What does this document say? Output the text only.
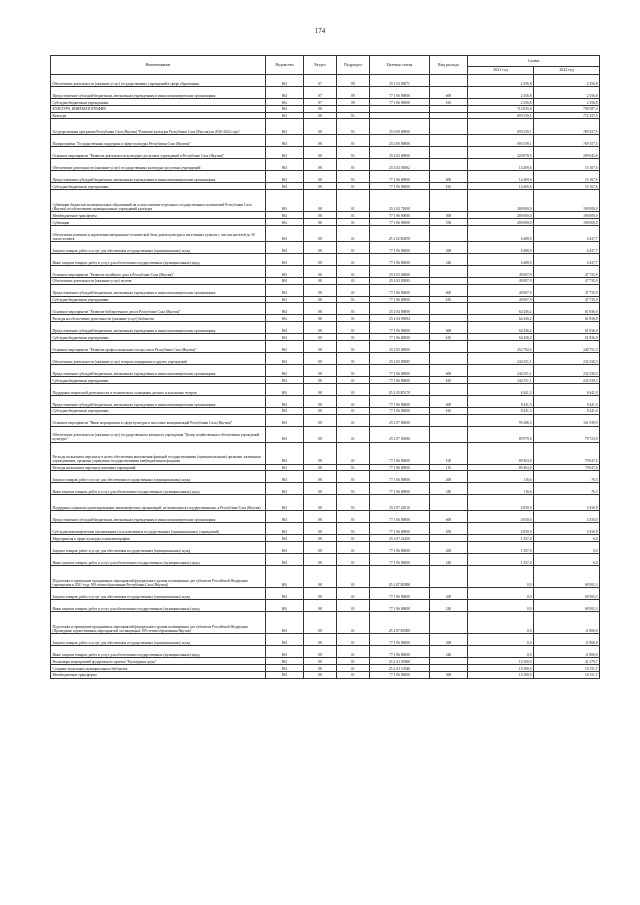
174
Наименование	Ведомство	Раздел	Подраздел	Целевая статья	Вид расхода	Сумма	
						2021 год	2022 год
Обеспечение деятельности (оказание услуг) государственных учреждений в сфере образования	861	07	09	25 1 02 05071		2 356,8	2 356,8
Предоставление субсидий бюджетным, автономным учреждениям и иным некоммерческим организациям	861	07	09	77 1 06 00000	600	2 356,8	2 356,8
Субсидии бюджетным учреждениям	861	07	09	77 1 06 00000	610	2 356,8	2 356,8
КУЛЬТУРА, КИНЕМАТОГРАФИЯ	861	08				712 835,6	790 587,0
Культура	861	08	01			693 539,1	772 357,5
Государственная программа Республики Саха (Якутия) "Развитие культуры Республики Саха (Якутия) на 2016-2022 годы"	861	08	01	25 0 00 00000		693 539,1	769 357,5
Подпрограмма "Государственная поддержка в сфере культуры Республики Саха (Якутия)"	861	08	01	25 2 00 00000		693 539,1	769 357,5
Основное мероприятие "Развитие деятельности культурно-досуговых учреждений в Республике Саха (Якутия)"	861	08	01	25 2 02 00000		220 878,5	209 645,8
Обеспечение деятельности (оказание услуг) государственных культурно-досуговых учреждений	861	08	01	25 2 02 05082		14 469,6	15 167,6
Предоставление субсидий бюджетным, автономным учреждениям и иным некоммерческим организациям	861	08	01	77 1 06 00000	600	14 469,6	15 167,6
Субсидии бюджетным учреждениям	861	08	01	77 1 06 00000	610	14 469,6	15 167,6
Субвенции бюджетам муниципальных образований на осуществление отдельных государственных полномочий Республики Саха (Якутия) по обеспечению муниципальных учреждений культуры	861	08	01	25 2 02 72000		200 000,0	190 000,0
Межбюджетные трансферты	861	08	01	77 1 06 00000	500	200 000,0	190 000,0
Субвенции	861	08	01	77 1 06 00000	530	200 000,0	190 000,0
Обеспечение развития и укрепления материально-технической базы домов культуры в населенных пунктах с числом жителей до 50 тысяч человек	861	08	01	25 2 02 R4670		6 408,9	6 437,7
Закупка товаров, работ и услуг для обеспечения государственных (муниципальных) нужд	861	08	01	77 1 06 00000	200	6 408,9	6 437,7
Иные закупки товаров, работ и услуг для обеспечения государственных (муниципальных) нужд	861	08	01	77 1 06 00000	240	6 408,9	6 437,7
Основное мероприятие "Развитие музейного дела в Республике Саха (Якутия)"	861	08	01	25 2 03 00000		49 007,9	47 735,9
Обеспечение деятельности (оказание услуг) музеев	861	08	01	25 2 03 05083		49 007,9	47 735,9
Предоставление субсидий бюджетным, автономным учреждениям и иным некоммерческим организациям	861	08	01	77 1 06 00000	600	49 007,9	47 735,9
Субсидии бюджетным учреждениям	861	08	01	77 1 06 00000	610	49 007,9	47 735,9
Основное мероприятие "Развитие библиотечного дела в Республике Саха (Якутия)"	861	08	01	25 2 04 00000		64 436,2	61 836,0
Расходы на обеспечение деятельности (оказание услуг) библиотек	861	08	01	25 2 04 05084		64 436,2	61 836,0
Предоставление субсидий бюджетным, автономным учреждениям и иным некоммерческим организациям	861	08	01	77 1 06 00000	600	64 436,2	61 836,0
Субсидии бюджетным учреждениям	861	08	01	77 1 06 00000	610	64 436,2	61 836,0
Основное мероприятие "Развитие профессионального искусства в Республике Саха (Якутия)"	861	08	01	25 2 05 00000		252 792,4	240 751,3
Обеспечение деятельности (оказание услуг) театров, концертных и других учреждений	861	08	01	25 2 05 05085		244 351,1	232 330,3
Предоставление субсидий бюджетным, автономным учреждениям и иным некоммерческим организациям	861	08	01	77 1 06 00000	600	244 351,1	232 330,3
Субсидии бюджетным учреждениям	861	08	01	77 1 06 00000	610	244 351,1	232 330,3
Поддержка творческой деятельности и технического оснащения детских и кукольных театров	861	08	01	25 2 05 R5170		8 441,3	8 441,0
Предоставление субсидий бюджетным, автономным учреждениям и иным некоммерческим организациям	861	08	01	77 1 06 00000	600	8 441,3	8 441,0
Субсидии бюджетным учреждениям	861	08	01	77 1 06 00000	610	8 441,3	8 441,0
Основное мероприятие "Иные мероприятия в сфере культуры и массовых коммуникаций Республики Саха (Якутия)"	861	08	01	25 2 07 00000		95 386,3	161 939,9
Обеспечение деятельности (оказание услуг) государственного казенного учреждения "Центр хозяйственного обеспечения учреждений культуры"	861	08	01	25 2 07 05086		89 979,6	79 723,9
Расходы на выплаты персоналу в целях обеспечения выполнения функций государственными (муниципальными) органами, казенными учреждениями, органами управления государственными внебюджетными фондами	861	08	01	77 1 06 00000	100	89 463,0	79 647,6
Расходы на выплаты персоналу казенных учреждений	861	08	01	77 1 06 00000	110	89 463,0	79 647,6
Закупка товаров, работ и услуг для обеспечения государственных (муниципальных) нужд	861	08	01	77 1 06 00000	200	116,6	76,3
Иные закупки товаров, работ и услуг для обеспечения государственных (муниципальных) нужд	861	08	01	77 1 06 00000	240	116,6	76,3
Поддержка социально ориентированных некоммерческих организаций, не являющихся государственными, в Республике Саха (Якутия)	861	08	01	25 2 07 22010		4 050,0	4 350,0
Предоставление субсидий бюджетным, автономным учреждениям и иным некоммерческим организациям	861	08	01	77 1 06 00000	600	4 050,0	4 350,0
Субсидии некоммерческим организациям (за исключением государственных (муниципальных) учреждений)	861	08	01	77 1 06 00000	630	4 050,0	4 350,0
Мероприятия в сфере культуры и кинематографии	861	08	01	25 2 07 22450		1 357,0	0,0
Закупка товаров, работ и услуг для обеспечения государственных (муниципальных) нужд	861	08	01	77 1 06 00000	200	1 357,0	0,0
Иные закупки товаров, работ и услуг для обеспечения государственных (муниципальных) нужд	861	08	01	77 1 06 00000	240	1 357,0	0,0
Подготовка и проведение праздничных мероприятий федерального уровня посвященных дат субъектов Российской Федерации (проведение в 2021 году 100-летия образования Республики Саха (Якутия))	861	08	01	25 2 07 R5090		0,0	69 565,3
Закупка товаров, работ и услуг для обеспечения государственных (муниципальных) нужд	861	08	01	77 1 06 00000	200	0,0	69 565,3
Иные закупки товаров, работ и услуг для обеспечения государственных (муниципальных) нужд	861	08	01	77 1 06 00000	240	0,0	69 565,3
Подготовка и проведение праздничных мероприятий федерального уровня посвященных дат субъектов Российской Федерации (Проведение торжественных мероприятий, посвященных 100-летию образования Якутии)	861	08	01	25 2 07 R5090		0,0	11 800,0
Закупка товаров, работ и услуг для обеспечения государственных (муниципальных) нужд	861	08	01	77 1 06 00000	200	0,0	11 800,0
Иные закупки товаров, работ и услуг для обеспечения государственных (муниципальных) нужд	861	08	01	77 1 06 00000	240	0,0	11 800,0
Реализация мероприятий федерального проекта "Культурная среда"	861	08	01	25 2 A1 00000		10 100,0	41 379,7
Создание модельных муниципальных библиотек	861	08	01	25 2 A1 54540		10 100,0	10 151,5
Межбюджетные трансферты	861	08	01	77 1 06 00000	500	10 100,0	10 151,5
